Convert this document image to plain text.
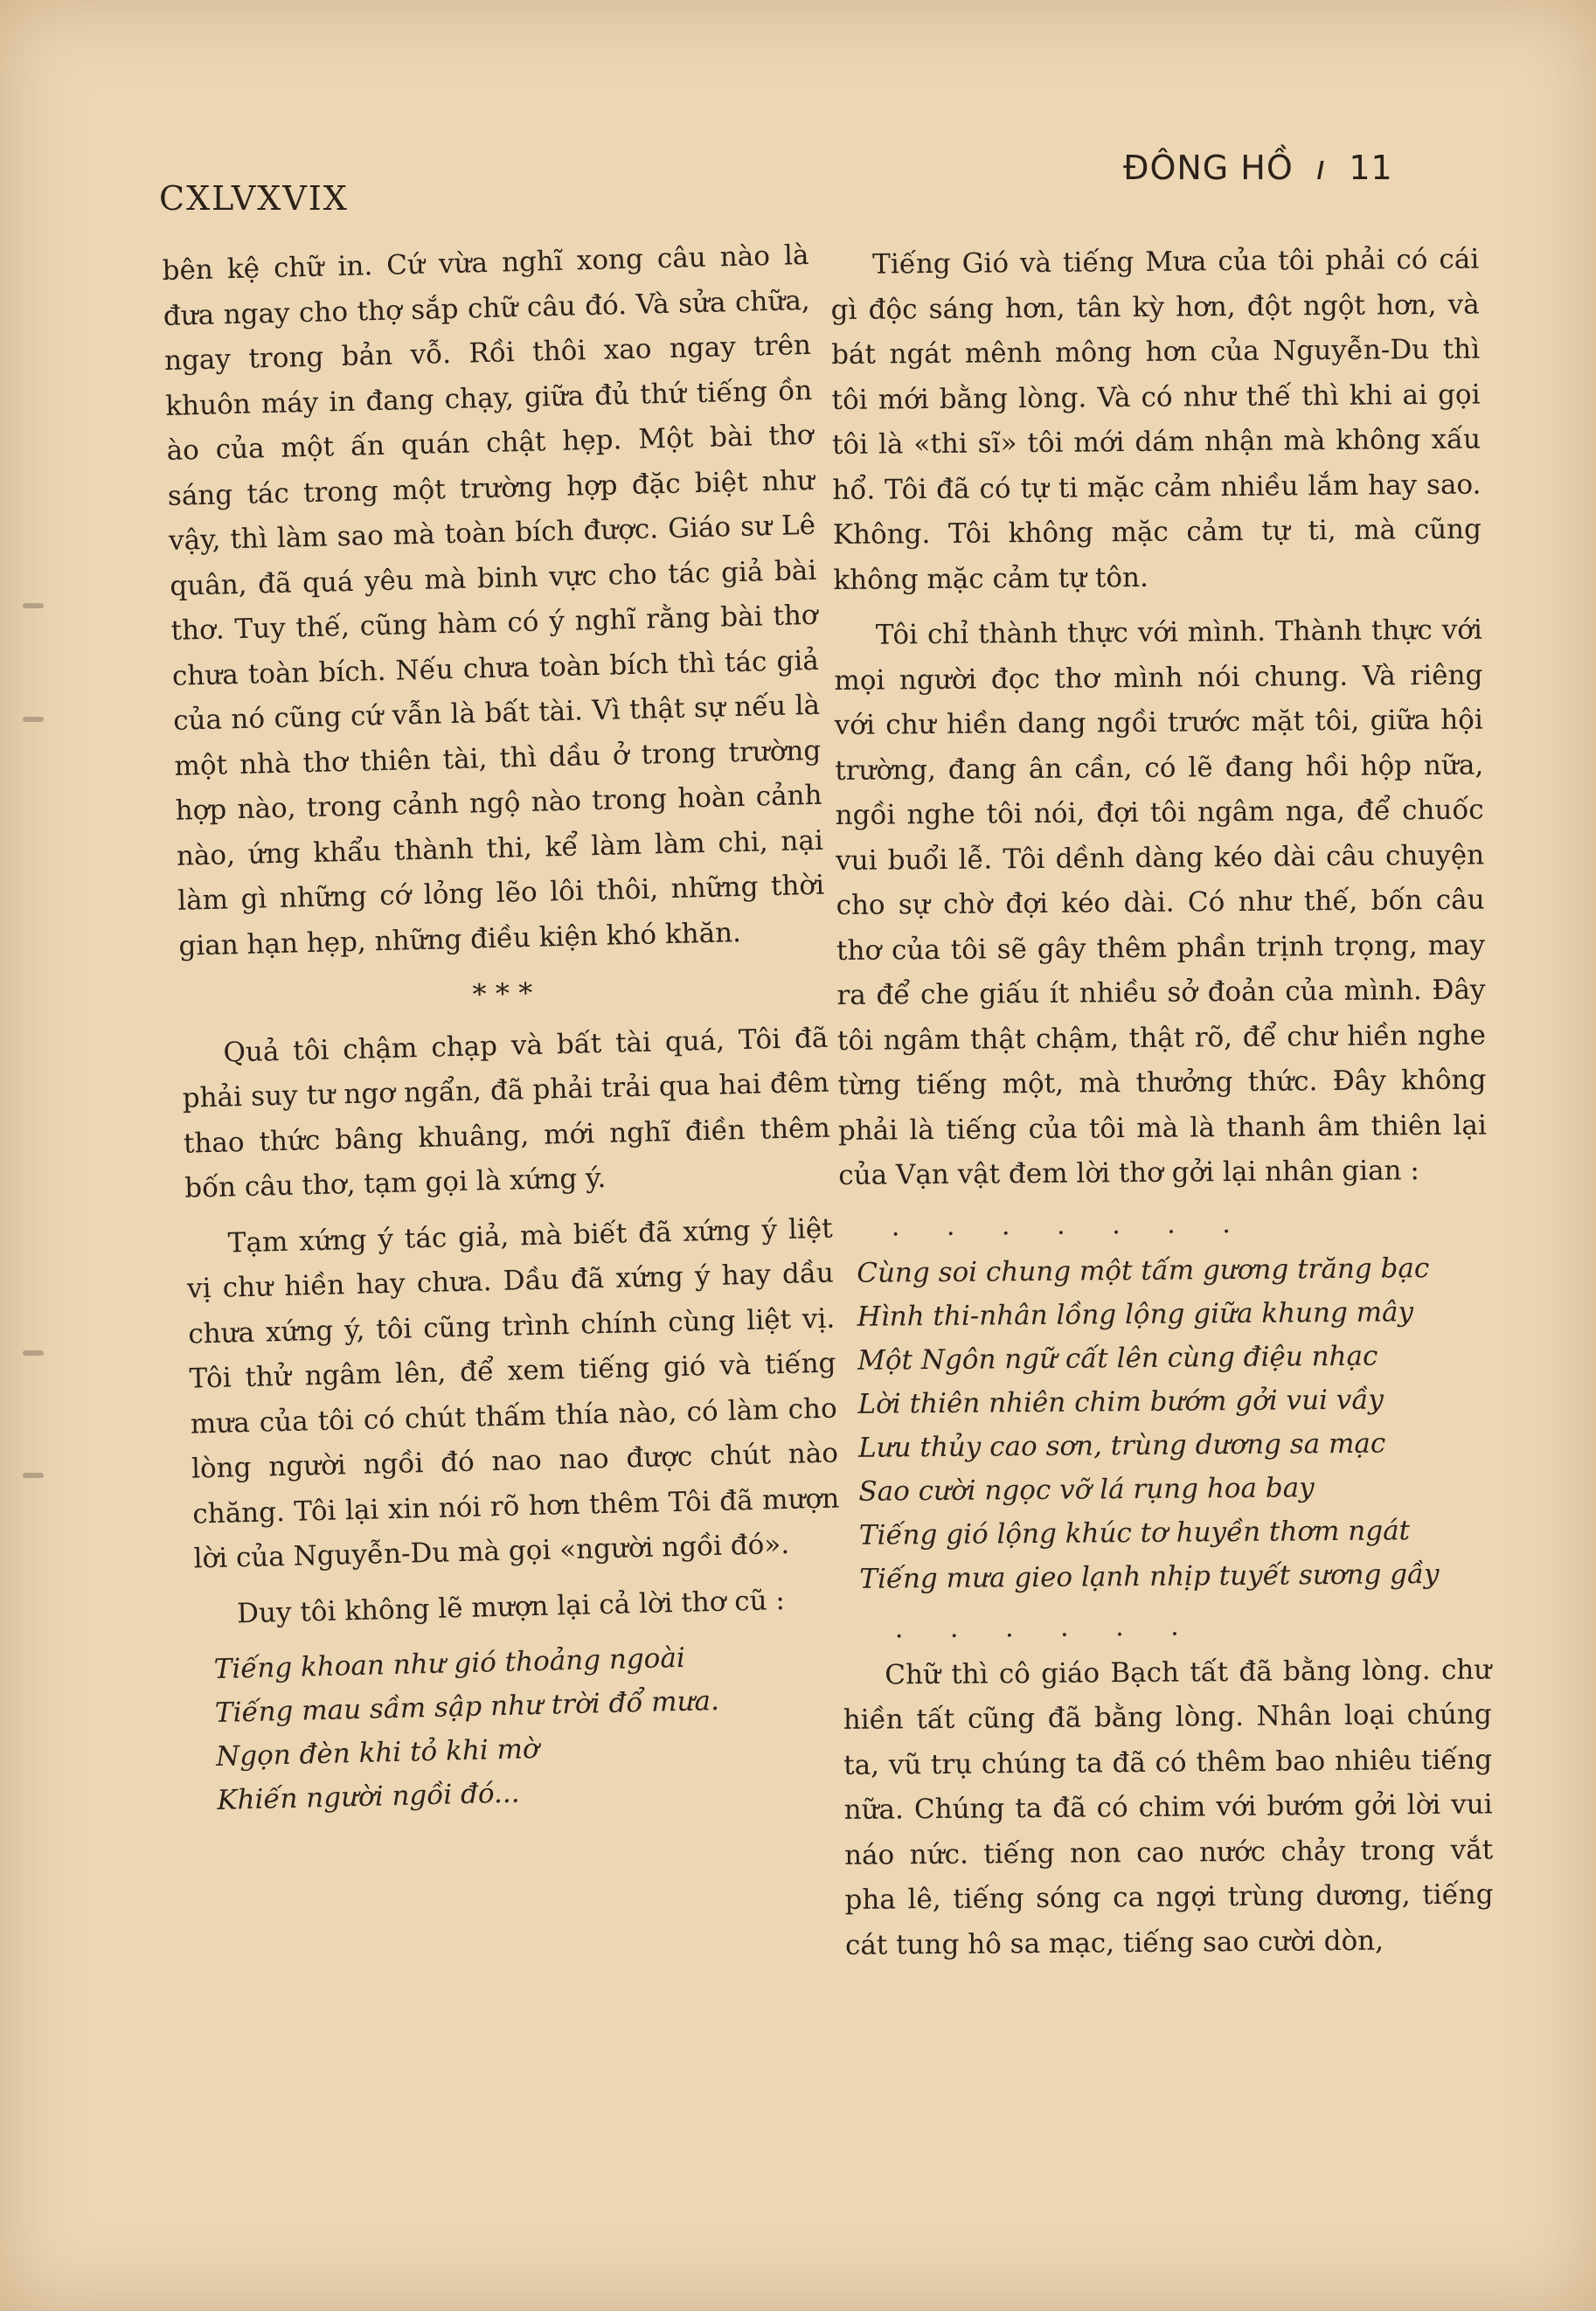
CXLVXVIX
ĐÔNG HỒ ı 11

bên kệ chữ in. Cứ vừa nghĩ xong câu nào là đưa ngay cho thợ sắp chữ câu đó. Và sửa chữa, ngay trong bản vỗ. Rồi thôi xao ngay trên khuôn máy in đang chạy, giữa đủ thứ tiếng ồn ào của một ấn quán chật hẹp. Một bài thơ sáng tác trong một trường hợp đặc biệt như vậy, thì làm sao mà toàn bích được. Giáo sư Lê quân, đã quá yêu mà binh vực cho tác giả bài thơ. Tuy thế, cũng hàm có ý nghĩ rằng bài thơ chưa toàn bích. Nếu chưa toàn bích thì tác giả của nó cũng cứ vẫn là bất tài. Vì thật sự nếu là một nhà thơ thiên tài, thì dầu ở trong trường hợp nào, trong cảnh ngộ nào trong hoàn cảnh nào, ứng khẩu thành thi, kể làm làm chi, nại làm gì những cớ lỏng lẽo lôi thôi, những thời gian hạn hẹp, những điều kiện khó khăn.

* * *

Quả tôi chậm chạp và bất tài quá, Tôi đã phải suy tư ngơ ngẩn, đã phải trải qua hai đêm thao thức bâng khuâng, mới nghĩ điền thêm bốn câu thơ, tạm gọi là xứng ý.

Tạm xứng ý tác giả, mà biết đã xứng ý liệt vị chư hiền hay chưa. Dầu đã xứng ý hay dầu chưa xứng ý, tôi cũng trình chính cùng liệt vị. Tôi thử ngâm lên, để xem tiếng gió và tiếng mưa của tôi có chút thấm thía nào, có làm cho lòng người ngồi đó nao nao được chút nào chăng. Tôi lại xin nói rõ hơn thêm Tôi đã mượn lời của Nguyễn-Du mà gọi «người ngồi đó».

Duy tôi không lẽ mượn lại cả lời thơ cũ :

Tiếng khoan như gió thoảng ngoài
Tiếng mau sầm sập như trời đổ mưa.
Ngọn đèn khi tỏ khi mờ
Khiến người ngồi đó...

Tiếng Gió và tiếng Mưa của tôi phải có cái gì độc sáng hơn, tân kỳ hơn, đột ngột hơn, và bát ngát mênh mông hơn của Nguyễn-Du thì tôi mới bằng lòng. Và có như thế thì khi ai gọi tôi là «thi sĩ» tôi mới dám nhận mà không xấu hổ. Tôi đã có tự ti mặc cảm nhiều lắm hay sao. Không. Tôi không mặc cảm tự ti, mà cũng không mặc cảm tự tôn.

Tôi chỉ thành thực với mình. Thành thực với mọi người đọc thơ mình nói chung. Và riêng với chư hiền dang ngồi trước mặt tôi, giữa hội trường, đang ân cần, có lẽ đang hồi hộp nữa, ngồi nghe tôi nói, đợi tôi ngâm nga, để chuốc vui buổi lễ. Tôi dềnh dàng kéo dài câu chuyện cho sự chờ đợi kéo dài. Có như thế, bốn câu thơ của tôi sẽ gây thêm phần trịnh trọng, may ra để che giấu ít nhiều sở đoản của mình. Đây tôi ngâm thật chậm, thật rõ, để chư hiền nghe từng tiếng một, mà thưởng thức. Đây không phải là tiếng của tôi mà là thanh âm thiên lại của Vạn vật đem lời thơ gởi lại nhân gian :

. . . . . . .
Cùng soi chung một tấm gương trăng bạc
Hình thi-nhân lồng lộng giữa khung mây
Một Ngôn ngữ cất lên cùng điệu nhạc
Lời thiên nhiên chim bướm gởi vui vầy
Lưu thủy cao sơn, trùng dương sa mạc
Sao cười ngọc vỡ lá rụng hoa bay
Tiếng gió lộng khúc tơ huyền thơm ngát
Tiếng mưa gieo lạnh nhịp tuyết sương gầy
. . . . . .

Chữ thì cô giáo Bạch tất đã bằng lòng. chư hiền tất cũng đã bằng lòng. Nhân loại chúng ta, vũ trụ chúng ta đã có thêm bao nhiêu tiếng nữa. Chúng ta đã có chim với bướm gởi lời vui náo nức. tiếng non cao nước chảy trong vắt pha lê, tiếng sóng ca ngợi trùng dương, tiếng cát tung hô sa mạc, tiếng sao cười dòn,
